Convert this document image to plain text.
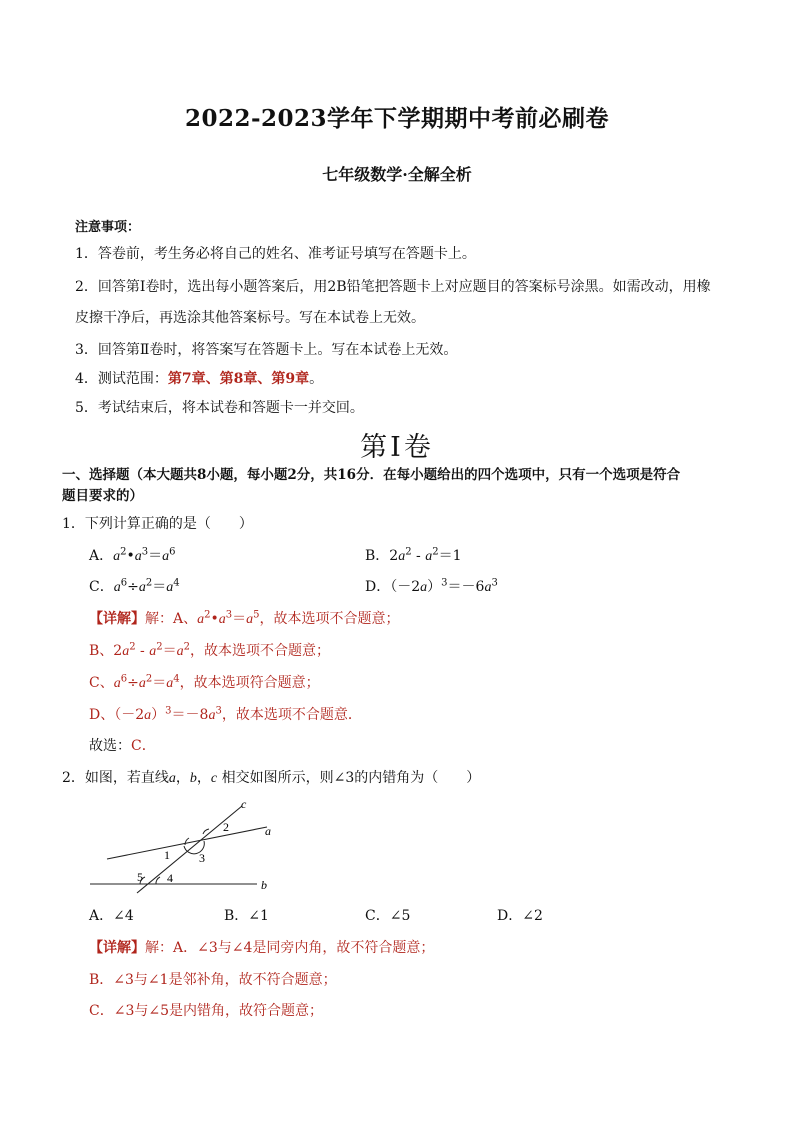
2022-2023学年下学期期中考前必刷卷
七年级数学·全解全析
注意事项：
1．答卷前，考生务必将自己的姓名、准考证号填写在答题卡上。
2．回答第Ⅰ卷时，选出每小题答案后，用2B铅笔把答题卡上对应题目的答案标号涂黑。如需改动，用橡
皮擦干净后，再选涂其他答案标号。写在本试卷上无效。
3．回答第Ⅱ卷时，将答案写在答题卡上。写在本试卷上无效。
4．测试范围：第7章、第8章、第9章。
5．考试结束后，将本试卷和答题卡一并交回。
第Ⅰ卷
一、选择题（本大题共8小题，每小题2分，共16分．在每小题给出的四个选项中，只有一个选项是符合
题目要求的）
1．下列计算正确的是（　　）
A．$a^2•a^3=a^6$	B．$2a^2 - a^2=1$
C．$a^6\div a^2=a^4$	D．$(-2a)^3=-6a^3$
【详解】解：A、$a^2•a^3=a^5$，故本选项不合题意；
B、$2a^2 - a^2=a^2$，故本选项不合题意；
C、$a^6\div a^2=a^4$，故本选项符合题意；
D、$(-2a)^3=-8a^3$，故本选项不合题意．
故选：C．
2．如图，若直线a，b，c 相交如图所示，则∠3的内错角为（　　）
c
a
b
2
1 3
5 4
A．∠4	B．∠1	C．∠5	D．∠2
【详解】解：A．∠3与∠4是同旁内角，故不符合题意；
B．∠3与∠1是邻补角，故不符合题意；
C．∠3与∠5是内错角，故符合题意；
